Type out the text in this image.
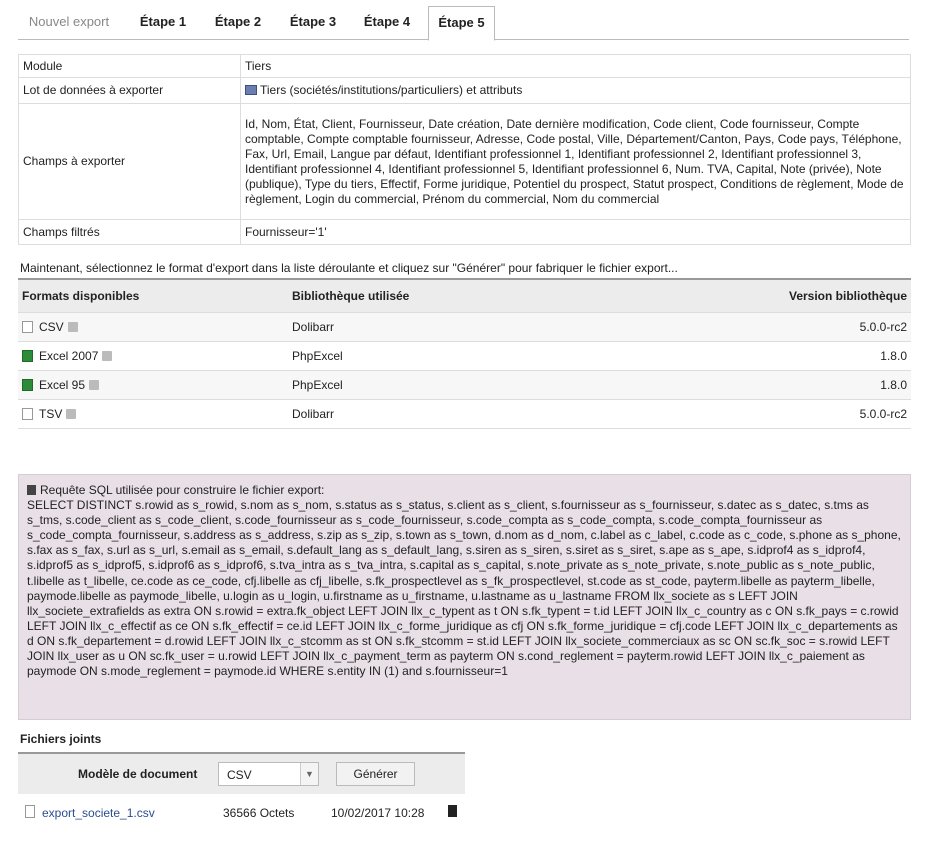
Nouvel export	Étape 1	Étape 2	Étape 3	Étape 4	Étape 5
Module	Tiers
Lot de données à exporter	Tiers (sociétés/institutions/particuliers) et attributs
Champs à exporter	Id, Nom, État, Client, Fournisseur, Date création, Date dernière modification, Code client, Code fournisseur, Compte comptable, Compte comptable fournisseur, Adresse, Code postal, Ville, Département/Canton, Pays, Code pays, Téléphone, Fax, Url, Email, Langue par défaut, Identifiant professionnel 1, Identifiant professionnel 2, Identifiant professionnel 3, Identifiant professionnel 4, Identifiant professionnel 5, Identifiant professionnel 6, Num. TVA, Capital, Note (privée), Note (publique), Type du tiers, Effectif, Forme juridique, Potentiel du prospect, Statut prospect, Conditions de règlement, Mode de règlement, Login du commercial, Prénom du commercial, Nom du commercial
Champs filtrés	Fournisseur='1'
Maintenant, sélectionnez le format d'export dans la liste déroulante et cliquez sur "Générer" pour fabriquer le fichier export...
Formats disponibles	Bibliothèque utilisée	Version bibliothèque
CSV	Dolibarr	5.0.0-rc2
Excel 2007	PhpExcel	1.8.0
Excel 95	PhpExcel	1.8.0
TSV	Dolibarr	5.0.0-rc2
Requête SQL utilisée pour construire le fichier export:
SELECT DISTINCT s.rowid as s_rowid, s.nom as s_nom, s.status as s_status, s.client as s_client, s.fournisseur as s_fournisseur, s.datec as s_datec, s.tms as s_tms, s.code_client as s_code_client, s.code_fournisseur as s_code_fournisseur, s.code_compta as s_code_compta, s.code_compta_fournisseur as s_code_compta_fournisseur, s.address as s_address, s.zip as s_zip, s.town as s_town, d.nom as d_nom, c.label as c_label, c.code as c_code, s.phone as s_phone, s.fax as s_fax, s.url as s_url, s.email as s_email, s.default_lang as s_default_lang, s.siren as s_siren, s.siret as s_siret, s.ape as s_ape, s.idprof4 as s_idprof4, s.idprof5 as s_idprof5, s.idprof6 as s_idprof6, s.tva_intra as s_tva_intra, s.capital as s_capital, s.note_private as s_note_private, s.note_public as s_note_public, t.libelle as t_libelle, ce.code as ce_code, cfj.libelle as cfj_libelle, s.fk_prospectlevel as s_fk_prospectlevel, st.code as st_code, payterm.libelle as payterm_libelle, paymode.libelle as paymode_libelle, u.login as u_login, u.firstname as u_firstname, u.lastname as u_lastname FROM llx_societe as s LEFT JOIN llx_societe_extrafields as extra ON s.rowid = extra.fk_object LEFT JOIN llx_c_typent as t ON s.fk_typent = t.id LEFT JOIN llx_c_country as c ON s.fk_pays = c.rowid LEFT JOIN llx_c_effectif as ce ON s.fk_effectif = ce.id LEFT JOIN llx_c_forme_juridique as cfj ON s.fk_forme_juridique = cfj.code LEFT JOIN llx_c_departements as d ON s.fk_departement = d.rowid LEFT JOIN llx_c_stcomm as st ON s.fk_stcomm = st.id LEFT JOIN llx_societe_commerciaux as sc ON sc.fk_soc = s.rowid LEFT JOIN llx_user as u ON sc.fk_user = u.rowid LEFT JOIN llx_c_payment_term as payterm ON s.cond_reglement = payterm.rowid LEFT JOIN llx_c_paiement as paymode ON s.mode_reglement = paymode.id WHERE s.entity IN (1) and s.fournisseur=1
Fichiers joints
Modèle de document CSV	▼	Générer
export_societe_1.csv	36566 Octets	10/02/2017 10:28
